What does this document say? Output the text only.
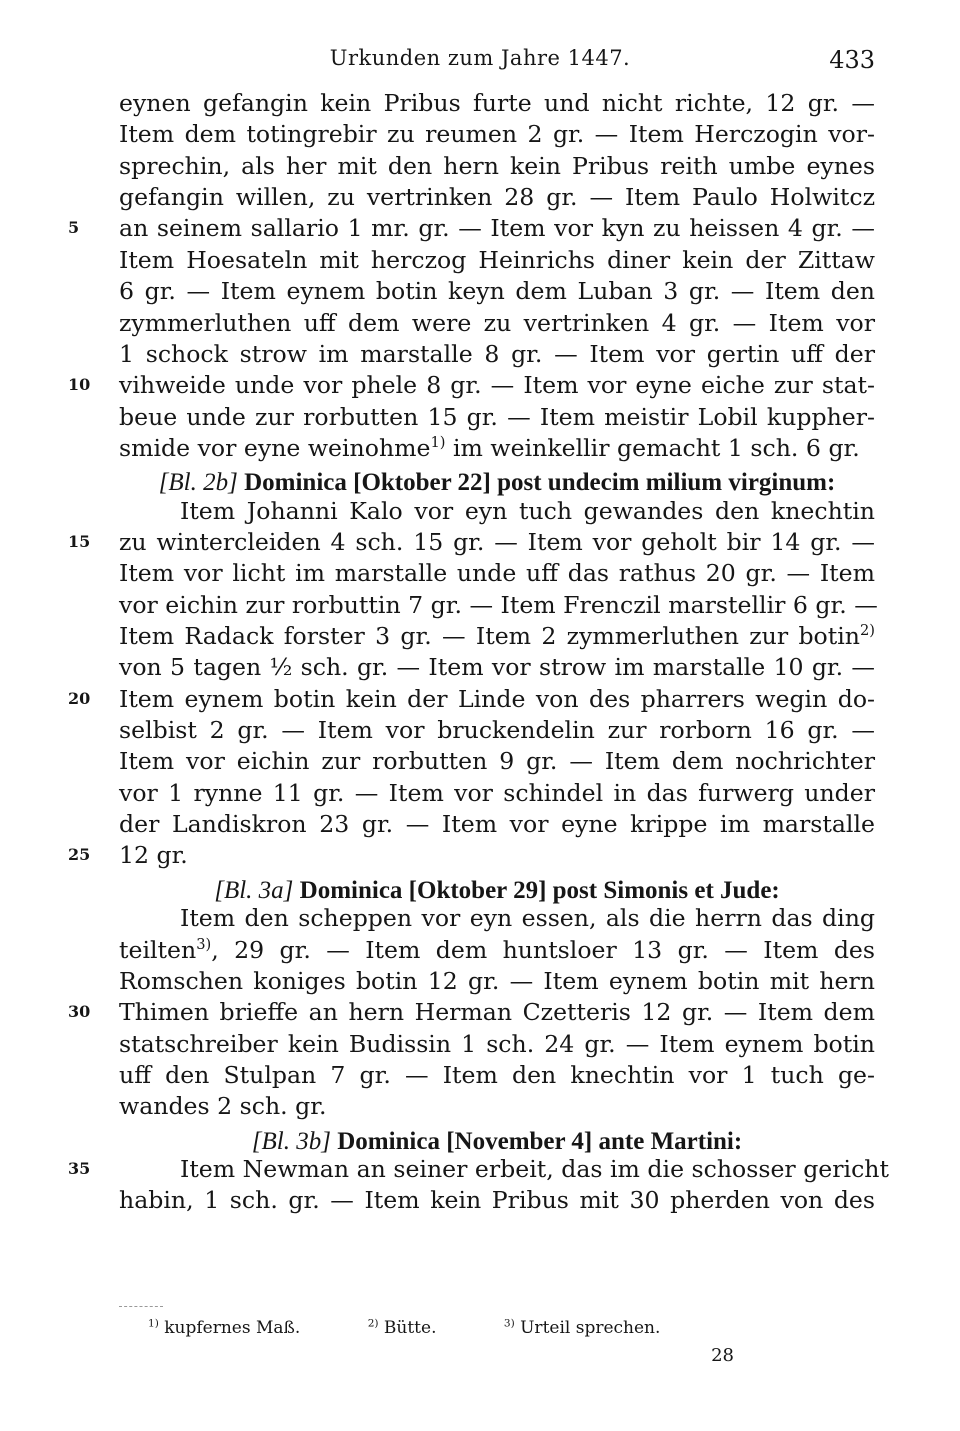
Urkunden zum Jahre 1447.	433
eynen gefangin kein Pribus furte und nicht richte, 12 gr. —
Item dem totingrebir zu reumen 2 gr. — Item Herczogin vor-
sprechin, als her mit den hern kein Pribus reith umbe eynes
gefangin willen, zu vertrinken 28 gr. — Item Paulo Holwitcz
an seinem sallario 1 mr. gr. — Item vor kyn zu heissen 4 gr. —
5
Item Hoesateln mit herczog Heinrichs diner kein der Zittaw
6 gr. — Item eynem botin keyn dem Luban 3 gr. — Item den
zymmerluthen uff dem were zu vertrinken 4 gr. — Item vor
1 schock strow im marstalle 8 gr. — Item vor gertin uff der
vihweide unde vor phele 8 gr. — Item vor eyne eiche zur stat-
10
beue unde zur rorbutten 15 gr. — Item meistir Lobil kuppher-
smide vor eyne weinohme$^{1)}$ im weinkellir gemacht 1 sch. 6 gr.
[Bl. 2b] Dominica [Oktober 22] post undecim milium virginum:
Item Johanni Kalo vor eyn tuch gewandes den knechtin
zu wintercleiden 4 sch. 15 gr. — Item vor geholt bir 14 gr. —
15
Item vor licht im marstalle unde uff das rathus 20 gr. — Item
vor eichin zur rorbuttin 7 gr. — Item Frenczil marstellir 6 gr. —
Item Radack forster 3 gr. — Item 2 zymmerluthen zur botin$^{2)}$
von 5 tagen ½ sch. gr. — Item vor strow im marstalle 10 gr. —
Item eynem botin kein der Linde von des pharrers wegin do-
20
selbist 2 gr. — Item vor bruckendelin zur rorborn 16 gr. —
Item vor eichin zur rorbutten 9 gr. — Item dem nochrichter
vor 1 rynne 11 gr. — Item vor schindel in das furwerg under
der Landiskron 23 gr. — Item vor eyne krippe im marstalle
12 gr.
25
[Bl. 3a] Dominica [Oktober 29] post Simonis et Jude:
Item den scheppen vor eyn essen, als die herrn das ding
teilten$^{3)}$, 29 gr. — Item dem huntsloer 13 gr. — Item des
Romschen koniges botin 12 gr. — Item eynem botin mit hern
Thimen brieffe an hern Herman Czetteris 12 gr. — Item dem
30
statschreiber kein Budissin 1 sch. 24 gr. — Item eynem botin
uff den Stulpan 7 gr. — Item den knechtin vor 1 tuch ge-
wandes 2 sch. gr.
[Bl. 3b] Dominica [November 4] ante Martini:
Item Newman an seiner erbeit, das im die schosser gericht
35
habin, 1 sch. gr. — Item kein Pribus mit 30 pherden von des
$^{1)}$ kupfernes Maß.	$^{2)}$ Bütte.	$^{3)}$ Urteil sprechen.
28
